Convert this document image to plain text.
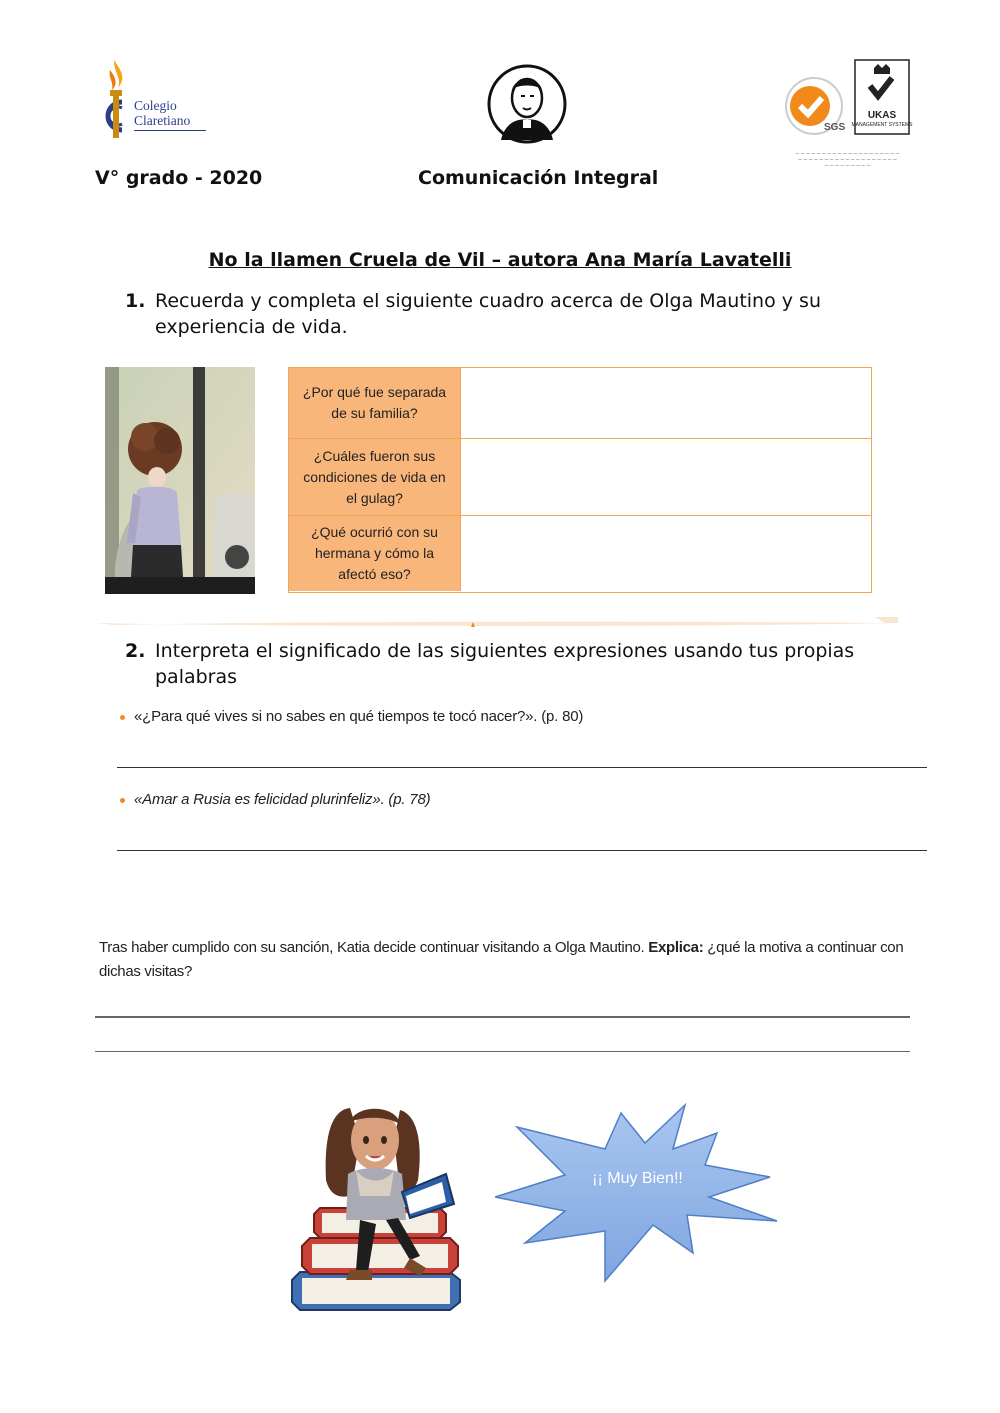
Colegio
Claretiano	SGS
UKAS
MANAGEMENT SYSTEMS
— — — — — — — — — — — — — — — — — — — —
— — — — — — — — — — — — — — — — — — —
— — — — — — — — —
V° grado - 2020	Comunicación Integral
No la llamen Cruela de Vil – autora Ana María Lavatelli
1. Recuerda y completa el siguiente cuadro acerca de Olga Mautino y su experiencia de vida.
¿Por qué fue separada de su familia?
¿Cuáles fueron sus condiciones de vida en el gulag?
¿Qué ocurrió con su hermana y cómo la afectó eso?
2. Interpreta el significado de las siguientes expresiones usando tus propias palabras
«¿Para qué vives si no sabes en qué tiempos te tocó nacer?». (p. 80)
«Amar a Rusia es felicidad plurinfeliz». (p. 78)
Tras haber cumplido con su sanción, Katia decide continuar visitando a Olga Mautino. Explica: ¿qué la motiva a continuar con dichas visitas?
¡¡ Muy Bien!!
